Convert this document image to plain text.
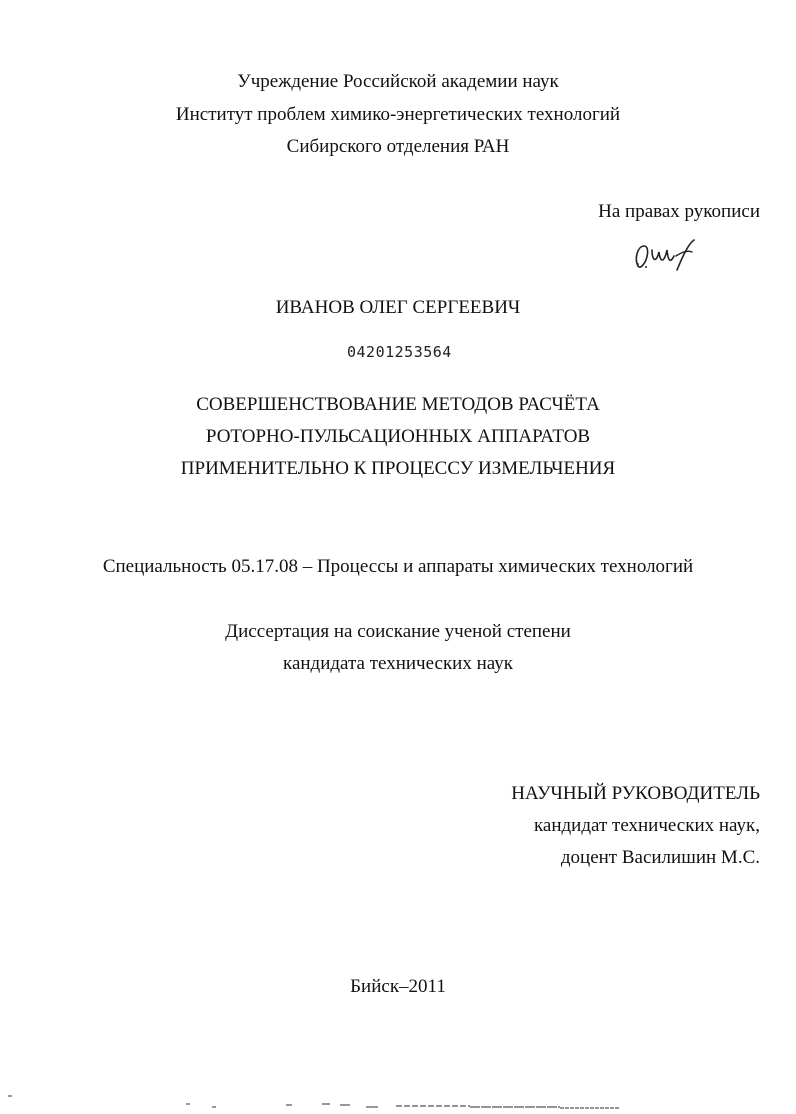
Учреждение Российской академии наук
Институт проблем химико-энергетических технологий
Сибирского отделения РАН
На правах рукописи
ИВАНОВ ОЛЕГ СЕРГЕЕВИЧ
04201253564
СОВЕРШЕНСТВОВАНИЕ МЕТОДОВ РАСЧЁТА
РОТОРНО-ПУЛЬСАЦИОННЫХ АППАРАТОВ
ПРИМЕНИТЕЛЬНО К ПРОЦЕССУ ИЗМЕЛЬЧЕНИЯ
Специальность 05.17.08 – Процессы и аппараты химических технологий
Диссертация на соискание ученой степени
кандидата технических наук
НАУЧНЫЙ РУКОВОДИТЕЛЬ
кандидат технических наук,
доцент Василишин М.С.
Бийск–2011
